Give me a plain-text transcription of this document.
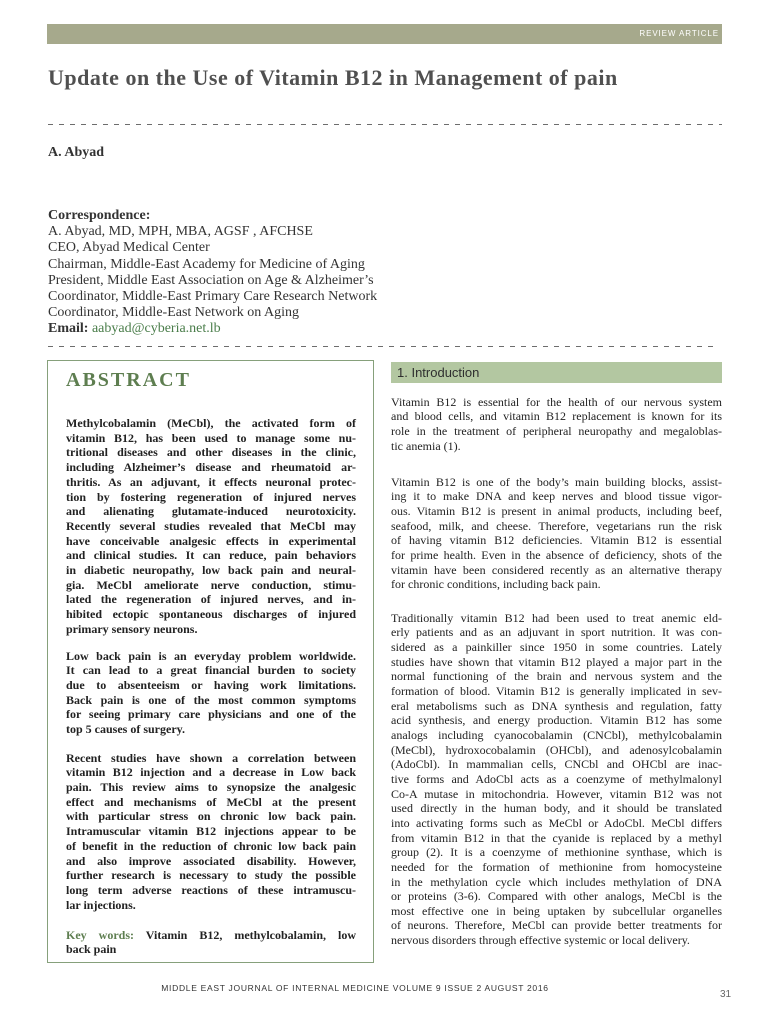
REVIEW ARTICLE
Update on the Use of Vitamin B12 in Management of pain
A. Abyad
Correspondence:
A. Abyad, MD, MPH, MBA, AGSF , AFCHSE
CEO, Abyad Medical Center
Chairman, Middle-East Academy for Medicine of Aging
President, Middle East Association on Age & Alzheimer’s
Coordinator, Middle-East Primary Care Research Network
Coordinator, Middle-East Network on Aging
Email: aabyad@cyberia.net.lb
ABSTRACT
Methylcobalamin (MeCbl), the activated form of
vitamin B12, has been used to manage some nu-
tritional diseases and other diseases in the clinic,
including Alzheimer’s disease and rheumatoid ar-
thritis. As an adjuvant, it effects neuronal protec-
tion by fostering regeneration of injured nerves
and alienating glutamate-induced neurotoxicity.
Recently several studies revealed that MeCbl may
have conceivable analgesic effects in experimental
and clinical studies. It can reduce, pain behaviors
in diabetic neuropathy, low back pain and neural-
gia. MeCbl ameliorate nerve conduction, stimu-
lated the regeneration of injured nerves, and in-
hibited ectopic spontaneous discharges of injured
primary sensory neurons.
Low back pain is an everyday problem worldwide.
It can lead to a great financial burden to society
due to absenteeism or having work limitations.
Back pain is one of the most common symptoms
for seeing primary care physicians and one of the
top 5 causes of surgery.
Recent studies have shown a correlation between
vitamin B12 injection and a decrease in Low back
pain. This review aims to synopsize the analgesic
effect and mechanisms of MeCbl at the present
with particular stress on chronic low back pain.
Intramuscular vitamin B12 injections appear to be
of benefit in the reduction of chronic low back pain
and also improve associated disability. However,
further research is necessary to study the possible
long term adverse reactions of these intramuscu-
lar injections.
Key words: Vitamin B12, methylcobalamin, low
back pain
1. Introduction
Vitamin B12 is essential for the health of our nervous system
and blood cells, and vitamin B12 replacement is known for its
role in the treatment of peripheral neuropathy and megaloblas-
tic anemia (1).
Vitamin B12 is one of the body’s main building blocks, assist-
ing it to make DNA and keep nerves and blood tissue vigor-
ous. Vitamin B12 is present in animal products, including beef,
seafood, milk, and cheese. Therefore, vegetarians run the risk
of having vitamin B12 deficiencies. Vitamin B12 is essential
for prime health. Even in the absence of deficiency, shots of the
vitamin have been considered recently as an alternative therapy
for chronic conditions, including back pain.
Traditionally vitamin B12 had been used to treat anemic eld-
erly patients and as an adjuvant in sport nutrition. It was con-
sidered as a painkiller since 1950 in some countries. Lately
studies have shown that vitamin B12 played a major part in the
normal functioning of the brain and nervous system and the
formation of blood. Vitamin B12 is generally implicated in sev-
eral metabolisms such as DNA synthesis and regulation, fatty
acid synthesis, and energy production. Vitamin B12 has some
analogs including cyanocobalamin (CNCbl), methylcobalamin
(MeCbl), hydroxocobalamin (OHCbl), and adenosylcobalamin
(AdoCbl). In mammalian cells, CNCbl and OHCbl are inac-
tive forms and AdoCbl acts as a coenzyme of methylmalonyl
Co-A mutase in mitochondria. However, vitamin B12 was not
used directly in the human body, and it should be translated
into activating forms such as MeCbl or AdoCbl. MeCbl differs
from vitamin B12 in that the cyanide is replaced by a methyl
group (2). It is a coenzyme of methionine synthase, which is
needed for the formation of methionine from homocysteine
in the methylation cycle which includes methylation of DNA
or proteins (3-6). Compared with other analogs, MeCbl is the
most effective one in being uptaken by subcellular organelles
of neurons. Therefore, MeCbl can provide better treatments for
nervous disorders through effective systemic or local delivery.
MIDDLE EAST JOURNAL OF INTERNAL MEDICINE VOLUME 9 ISSUE 2 AUGUST 2016
31
